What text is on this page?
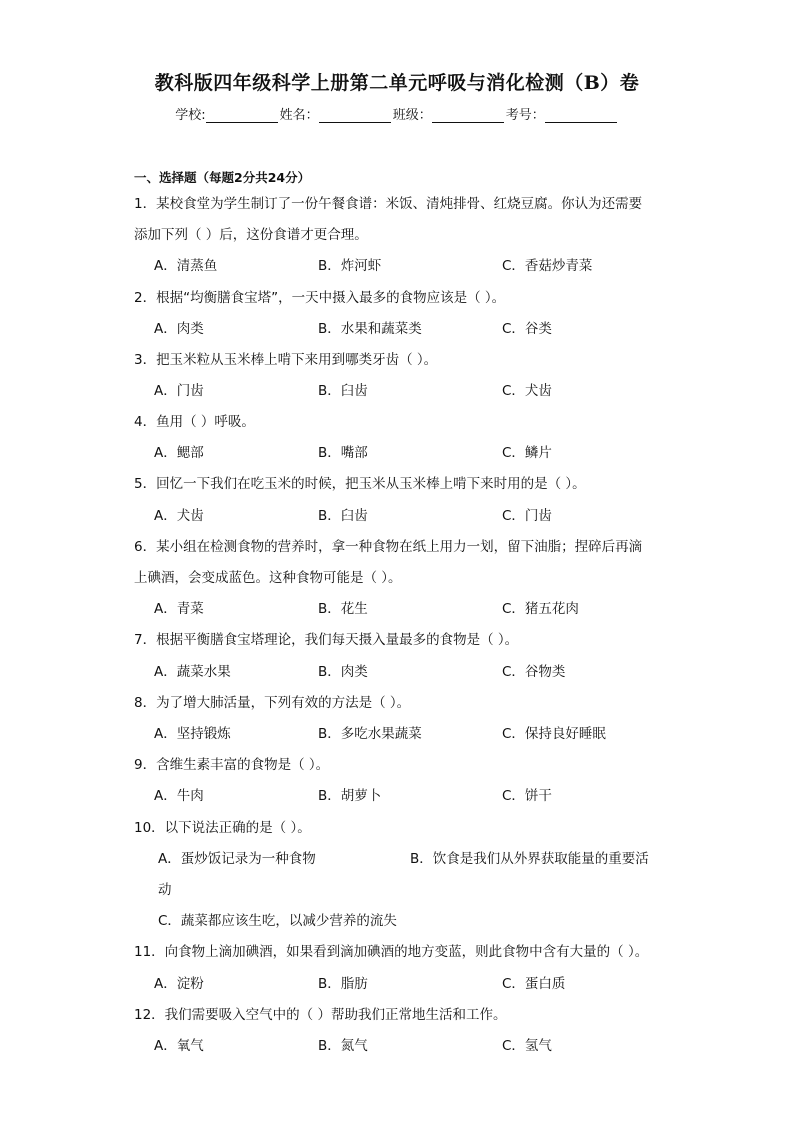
教科版四年级科学上册第二单元呼吸与消化检测（B）卷
学校:	姓名：	班级：	考号：
一、选择题（每题2分共24分）
1．某校食堂为学生制订了一份午餐食谱：米饭、清炖排骨、红烧豆腐。你认为还需要
添加下列（ ）后，这份食谱才更合理。
A．清蒸鱼	B．炸河虾	C．香菇炒青菜
2．根据“均衡膳食宝塔”，一天中摄入最多的食物应该是（ ）。
A．肉类	B．水果和蔬菜类	C．谷类
3．把玉米粒从玉米棒上啃下来用到哪类牙齿（ ）。
A．门齿	B．臼齿	C．犬齿
4．鱼用（ ）呼吸。
A．鳃部	B．嘴部	C．鳞片
5．回忆一下我们在吃玉米的时候，把玉米从玉米棒上啃下来时用的是（ ）。
A．犬齿	B．臼齿	C．门齿
6．某小组在检测食物的营养时，拿一种食物在纸上用力一划，留下油脂；捏碎后再滴
上碘酒，会变成蓝色。这种食物可能是（ ）。
A．青菜	B．花生	C．猪五花肉
7．根据平衡膳食宝塔理论，我们每天摄入量最多的食物是（ ）。
A．蔬菜水果	B．肉类	C．谷物类
8．为了增大肺活量，下列有效的方法是（ ）。
A．坚持锻炼	B．多吃水果蔬菜	C．保持良好睡眠
9．含维生素丰富的食物是（ ）。
A．牛肉	B．胡萝卜	C．饼干
10．以下说法正确的是（ ）。
A．蛋炒饭记录为一种食物	B．饮食是我们从外界获取能量的重要活
动
C．蔬菜都应该生吃，以减少营养的流失
11．向食物上滴加碘酒，如果看到滴加碘酒的地方变蓝，则此食物中含有大量的（ ）。
A．淀粉	B．脂肪	C．蛋白质
12．我们需要吸入空气中的（ ）帮助我们正常地生活和工作。
A．氧气	B．氮气	C．氢气
